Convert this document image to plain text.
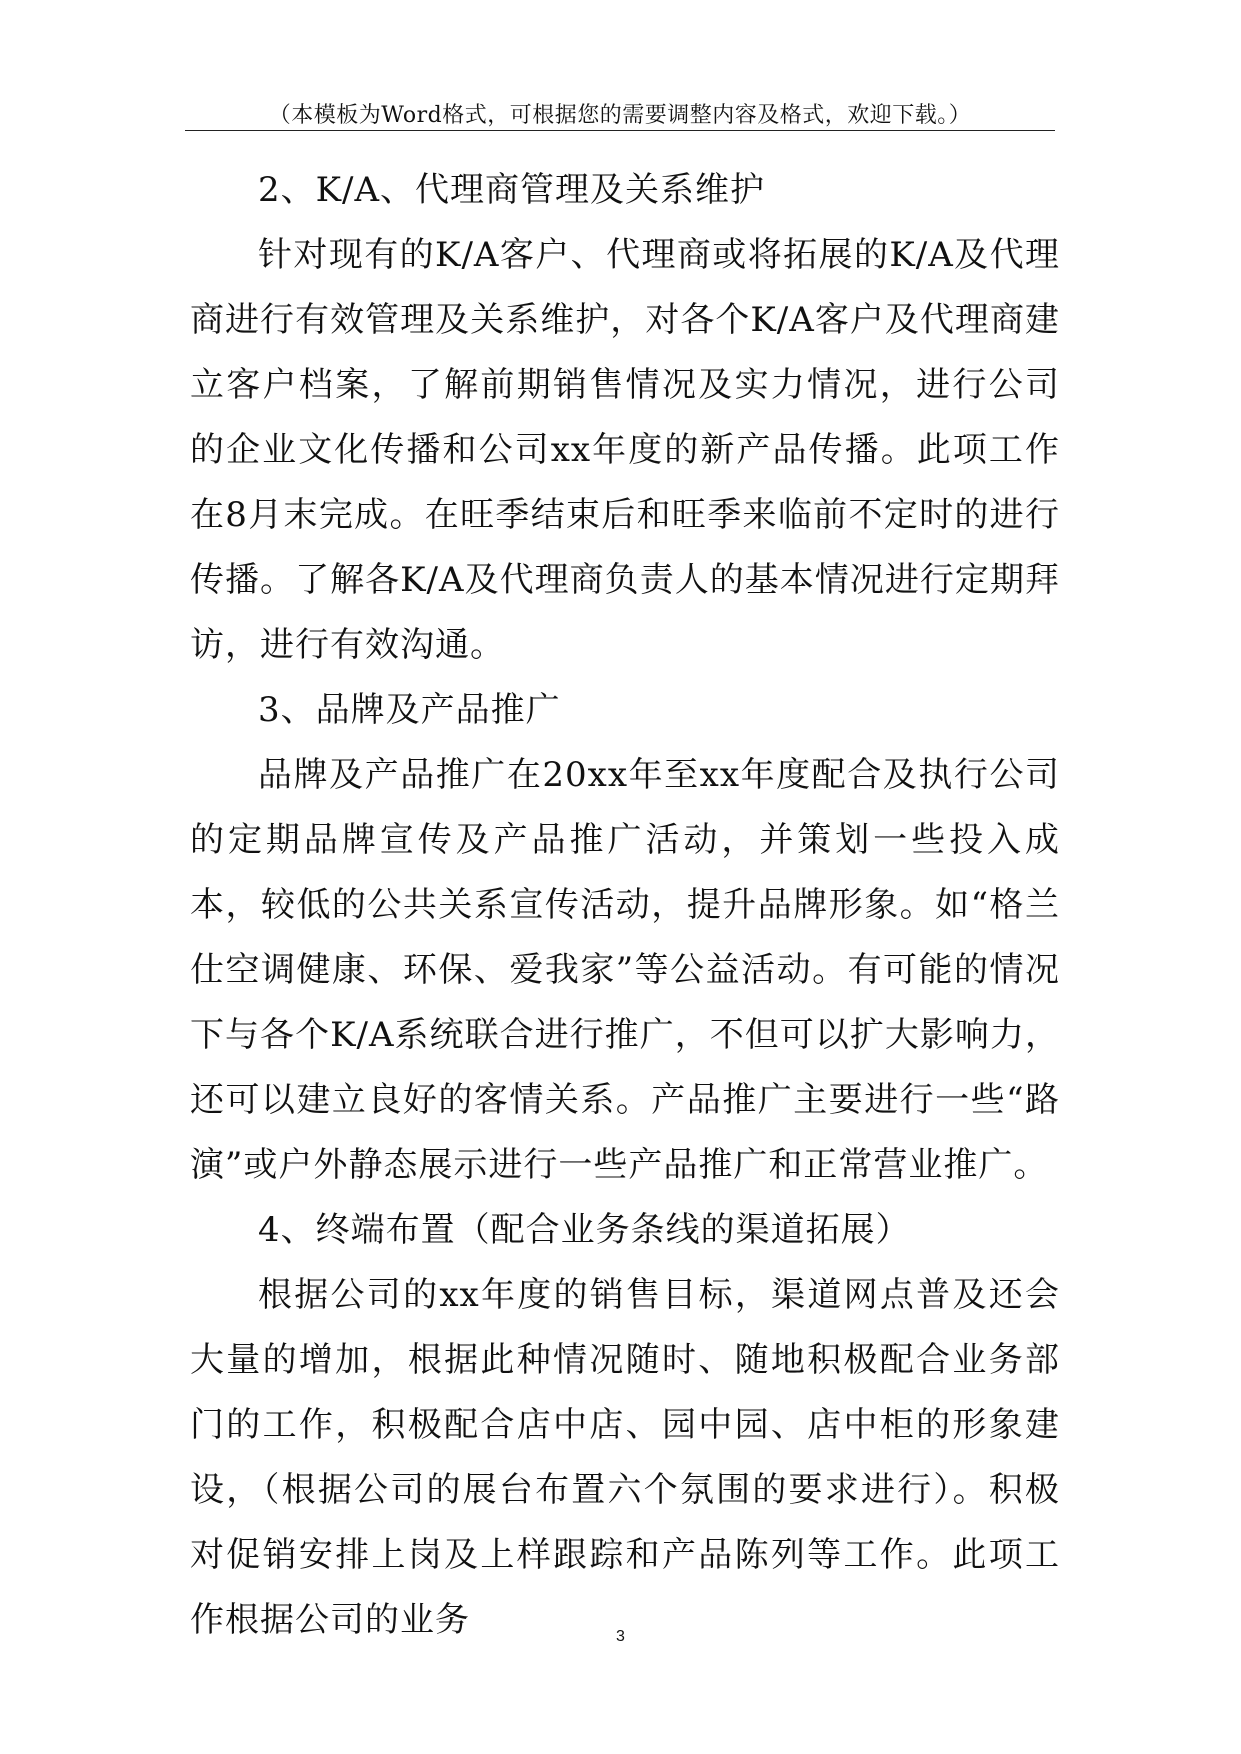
（本模板为Word格式，可根据您的需要调整内容及格式，欢迎下载。）

2、K/A、代理商管理及关系维护

针对现有的K/A客户、代理商或将拓展的K/A及代理商进行有效管理及关系维护，对各个K/A客户及代理商建立客户档案，了解前期销售情况及实力情况，进行公司的企业文化传播和公司xx年度的新产品传播。此项工作在8月末完成。在旺季结束后和旺季来临前不定时的进行传播。了解各K/A及代理商负责人的基本情况进行定期拜访，进行有效沟通。

3、品牌及产品推广

品牌及产品推广在20xx年至xx年度配合及执行公司的定期品牌宣传及产品推广活动，并策划一些投入成本，较低的公共关系宣传活动，提升品牌形象。如“格兰仕空调健康、环保、爱我家”等公益活动。有可能的情况下与各个K/A系统联合进行推广，不但可以扩大影响力，还可以建立良好的客情关系。产品推广主要进行一些“路演”或户外静态展示进行一些产品推广和正常营业推广。

4、终端布置（配合业务条线的渠道拓展）

根据公司的xx年度的销售目标，渠道网点普及还会大量的增加，根据此种情况随时、随地积极配合业务部门的工作，积极配合店中店、园中园、店中柜的形象建设，（根据公司的展台布置六个氛围的要求进行）。积极对促销安排上岗及上样跟踪和产品陈列等工作。此项工作根据公司的业务	3
